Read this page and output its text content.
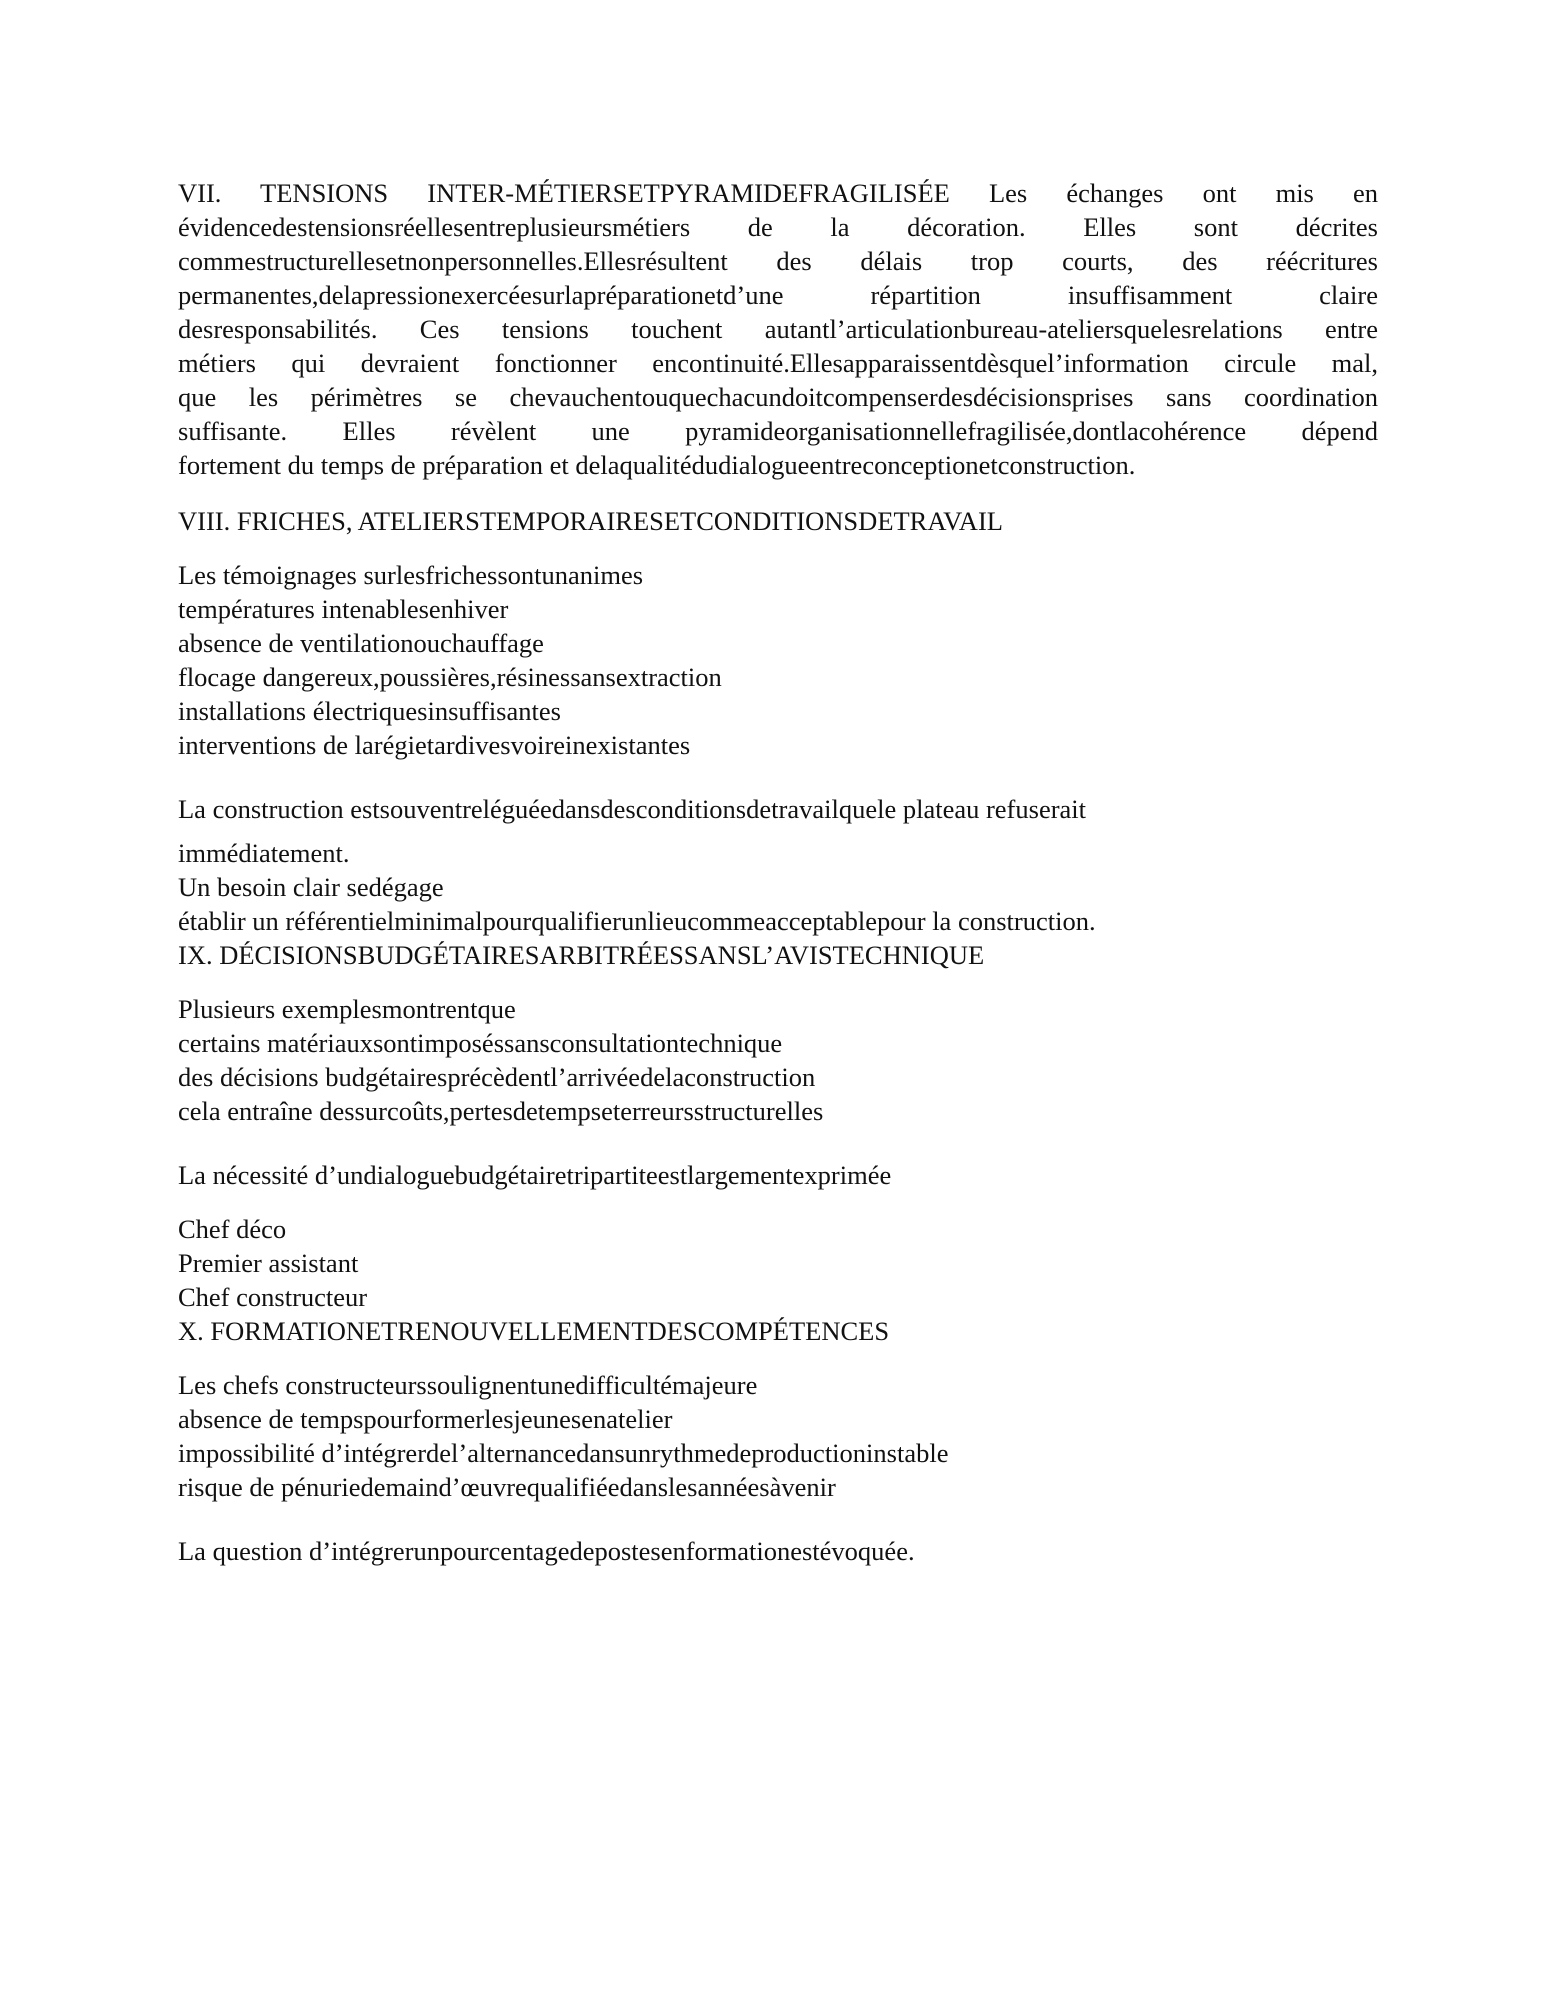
VII. TENSIONS INTER-MÉTIERSETPYRAMIDEFRAGILISÉE Les échanges ont mis en
évidencedestensionsréellesentreplusieursmétiers de la décoration. Elles sont décrites
commestructurellesetnonpersonnelles.Ellesrésultent des délais trop courts, des réécritures
permanentes,delapressionexercéesurlapréparationetd’une répartition insuffisamment claire
desresponsabilités. Ces tensions touchent autantl’articulationbureau-ateliersquelesrelations entre
métiers qui devraient fonctionner encontinuité.Ellesapparaissentdèsquel’information circule mal,
que les périmètres se chevauchentouquechacundoitcompenserdesdécisionsprises sans coordination
suffisante. Elles révèlent une pyramideorganisationnellefragilisée,dontlacohérence dépend
fortement du temps de préparation et delaqualitédudialogueentreconceptionetconstruction.
VIII. FRICHES, ATELIERSTEMPORAIRESETCONDITIONSDETRAVAIL
Les témoignages surlesfrichessontunanimes
températures intenablesenhiver
absence de ventilationouchauffage
flocage dangereux,poussières,résinessansextraction
installations électriquesinsuffisantes
interventions de larégietardivesvoireinexistantes
La construction estsouventreléguéedansdesconditionsdetravailquele plateau refuserait
immédiatement.
Un besoin clair sedégage
établir un référentielminimalpourqualifierunlieucommeacceptablepour la construction.
IX. DÉCISIONSBUDGÉTAIRESARBITRÉESSANSL’AVISTECHNIQUE
Plusieurs exemplesmontrentque
certains matériauxsontimposéssansconsultationtechnique
des décisions budgétairesprécèdentl’arrivéedelaconstruction
cela entraîne dessurcoûts,pertesdetempseterreursstructurelles
La nécessité d’undialoguebudgétairetripartiteestlargementexprimée
Chef déco
Premier assistant
Chef constructeur
X. FORMATIONETRENOUVELLEMENTDESCOMPÉTENCES
Les chefs constructeurssoulignentunedifficultémajeure
absence de tempspourformerlesjeunesenatelier
impossibilité d’intégrerdel’alternancedansunrythmedeproductioninstable
risque de pénuriedemaind’œuvrequalifiéedanslesannéesàvenir
La question d’intégrerunpourcentagedepostesenformationestévoquée.
